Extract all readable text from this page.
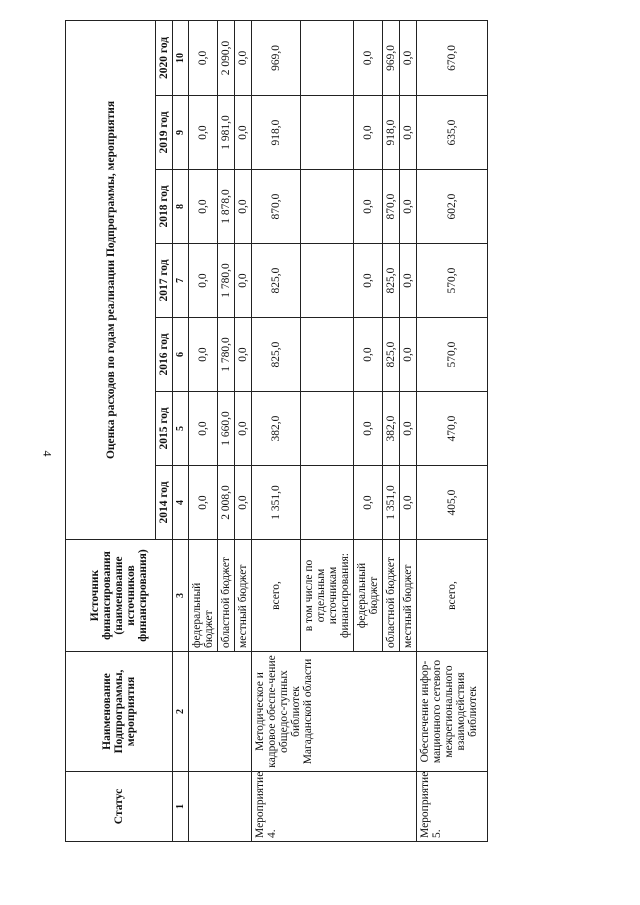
4
Статус	Наименование Подпрограммы, мероприятия	Источник финансирования (наименование источников финансирования)	Оценка расходов по годам реализации Подпрограммы, мероприятия						
			2014 год	2015 год	2016 год	2017 год	2018 год	2019 год	2020 год
1	2	3	4	5	6	7	8	9	10
		федеральный бюджет	0,0	0,0	0,0	0,0	0,0	0,0	0,0
		областной бюджет	2 008,0	1 660,0	1 780,0	1 780,0	1 878,0	1 981,0	2 090,0
		местный бюджет	0,0	0,0	0,0	0,0	0,0	0,0	0,0
Мероприятие 4.	Методическое и кадровое обеспе-чение общедос-тупных библиотек Магаданской области	всего,	1 351,0	382,0	825,0	825,0	870,0	918,0	969,0
		в том числе по отдельным источникам финансирования:							
		федеральный бюджет	0,0	0,0	0,0	0,0	0,0	0,0	0,0
		областной бюджет	1 351,0	382,0	825,0	825,0	870,0	918,0	969,0
		местный бюджет	0,0	0,0	0,0	0,0	0,0	0,0	0,0
Мероприятие 5.	Обеспечение инфор-мационного сетевого межрегионального взаимодействия библиотек	всего,	405,0	470,0	570,0	570,0	602,0	635,0	670,0
